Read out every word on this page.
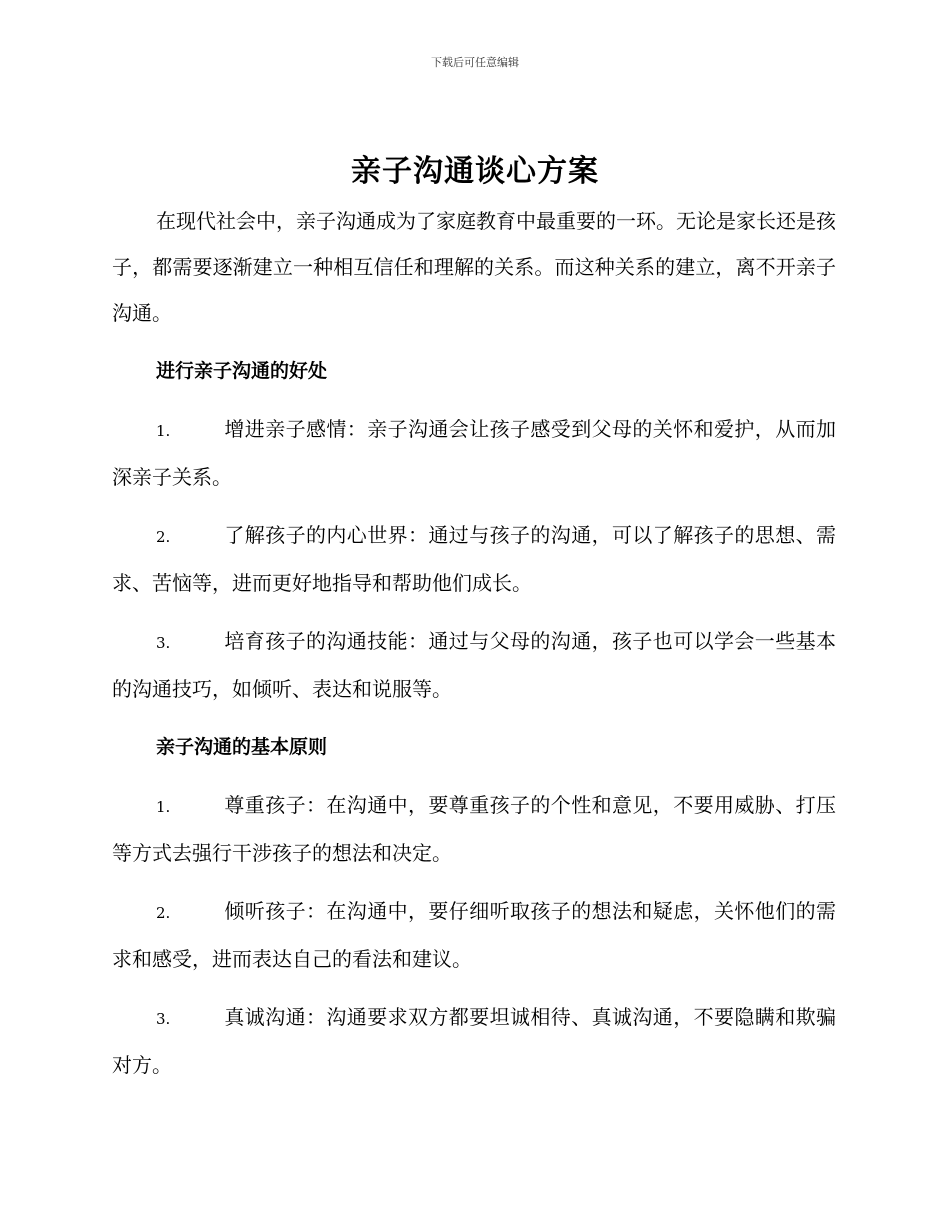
下载后可任意编辑
亲子沟通谈心方案

在现代社会中，亲子沟通成为了家庭教育中最重要的一环。无论是家长还是孩子，都需要逐渐建立一种相互信任和理解的关系。而这种关系的建立，离不开亲子沟通。

进行亲子沟通的好处

1.	增进亲子感情：亲子沟通会让孩子感受到父母的关怀和爱护，从而加深亲子关系。

2.	了解孩子的内心世界：通过与孩子的沟通，可以了解孩子的思想、需求、苦恼等，进而更好地指导和帮助他们成长。

3.	培育孩子的沟通技能：通过与父母的沟通，孩子也可以学会一些基本的沟通技巧，如倾听、表达和说服等。

亲子沟通的基本原则

1.	尊重孩子：在沟通中，要尊重孩子的个性和意见，不要用威胁、打压等方式去强行干涉孩子的想法和决定。

2.	倾听孩子：在沟通中，要仔细听取孩子的想法和疑虑，关怀他们的需求和感受，进而表达自己的看法和建议。

3.	真诚沟通：沟通要求双方都要坦诚相待、真诚沟通，不要隐瞒和欺骗对方。
